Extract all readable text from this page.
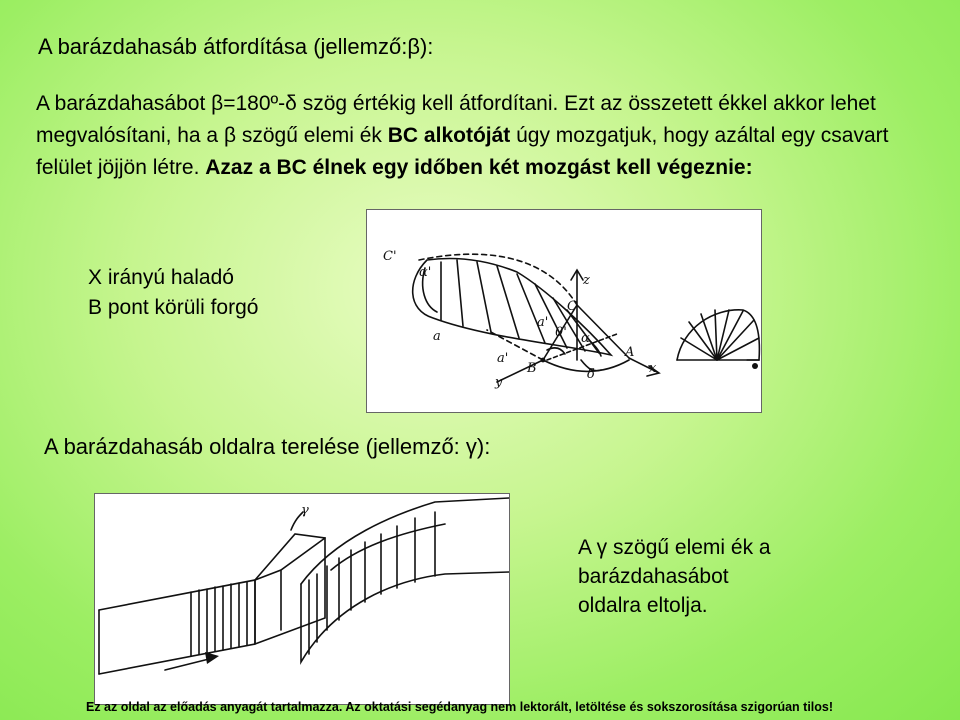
A barázdahasáb átfordítása (jellemző:β):

A barázdahasábot β=180º-δ szög értékig kell átfordítani. Ezt az összetett ékkel akkor lehet megvalósítani, ha a β szögű elemi ék BC alkotóját úgy mozgatjuk, hogy azáltal egy csavart felület jöjjön létre. Azaz a BC élnek egy időben két mozgást kell végeznie:

X irányú haladó
B pont körüli forgó
C'
α'
a
z
C
a'
0' α
a'
B
y
A
δ	x
A barázdahasáb oldalra terelése (jellemző: γ):
γ
A γ szögű elemi ék a
barázdahasábot
oldalra eltolja.
Ez az oldal az előadás anyagát tartalmazza. Az oktatási segédanyag nem lektorált, letöltése és sokszorosítása szigorúan tilos!
